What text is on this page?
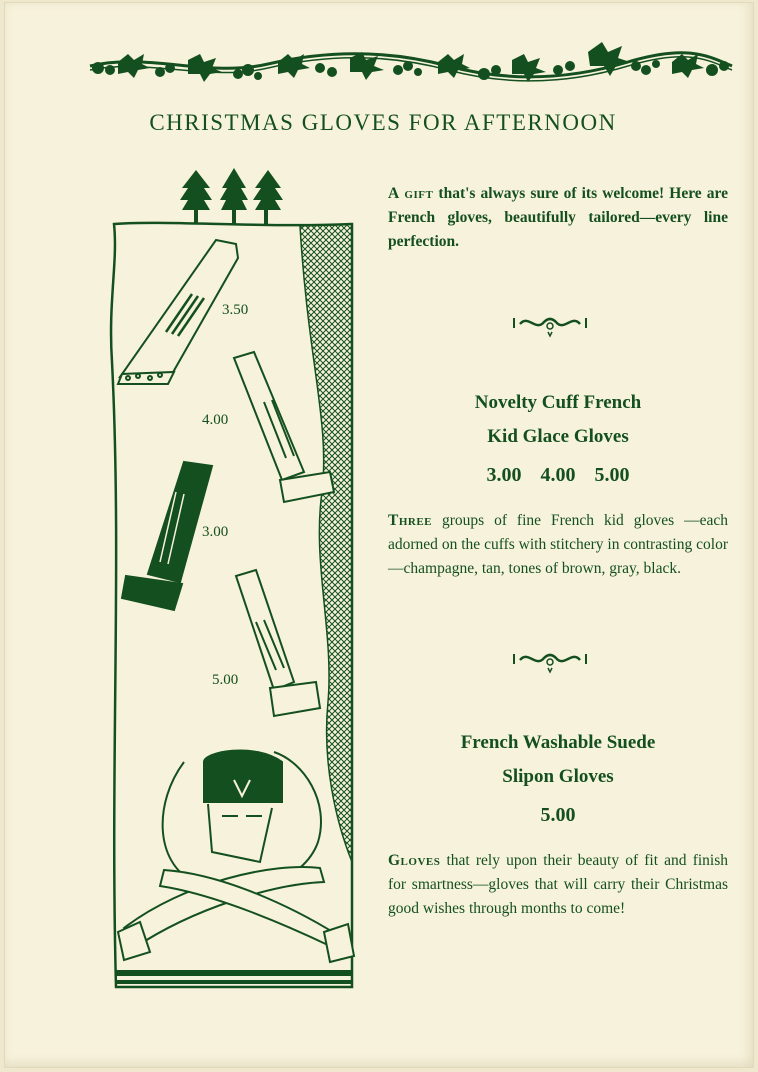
CHRISTMAS GLOVES FOR AFTERNOON
3.50
4.00
3.00
5.00

A gift that's always sure of its welcome! Here are French gloves, beautifully tailored—every line perfection.

Novelty Cuff French

Kid Glace Gloves

3.00 4.00 5.00

Three groups of fine French kid gloves —each adorned on the cuffs with stitchery in contrasting color—champagne, tan, tones of brown, gray, black.

French Washable Suede

Slipon Gloves

5.00

Gloves that rely upon their beauty of fit and finish for smartness—gloves that will carry their Christmas good wishes through months to come!
